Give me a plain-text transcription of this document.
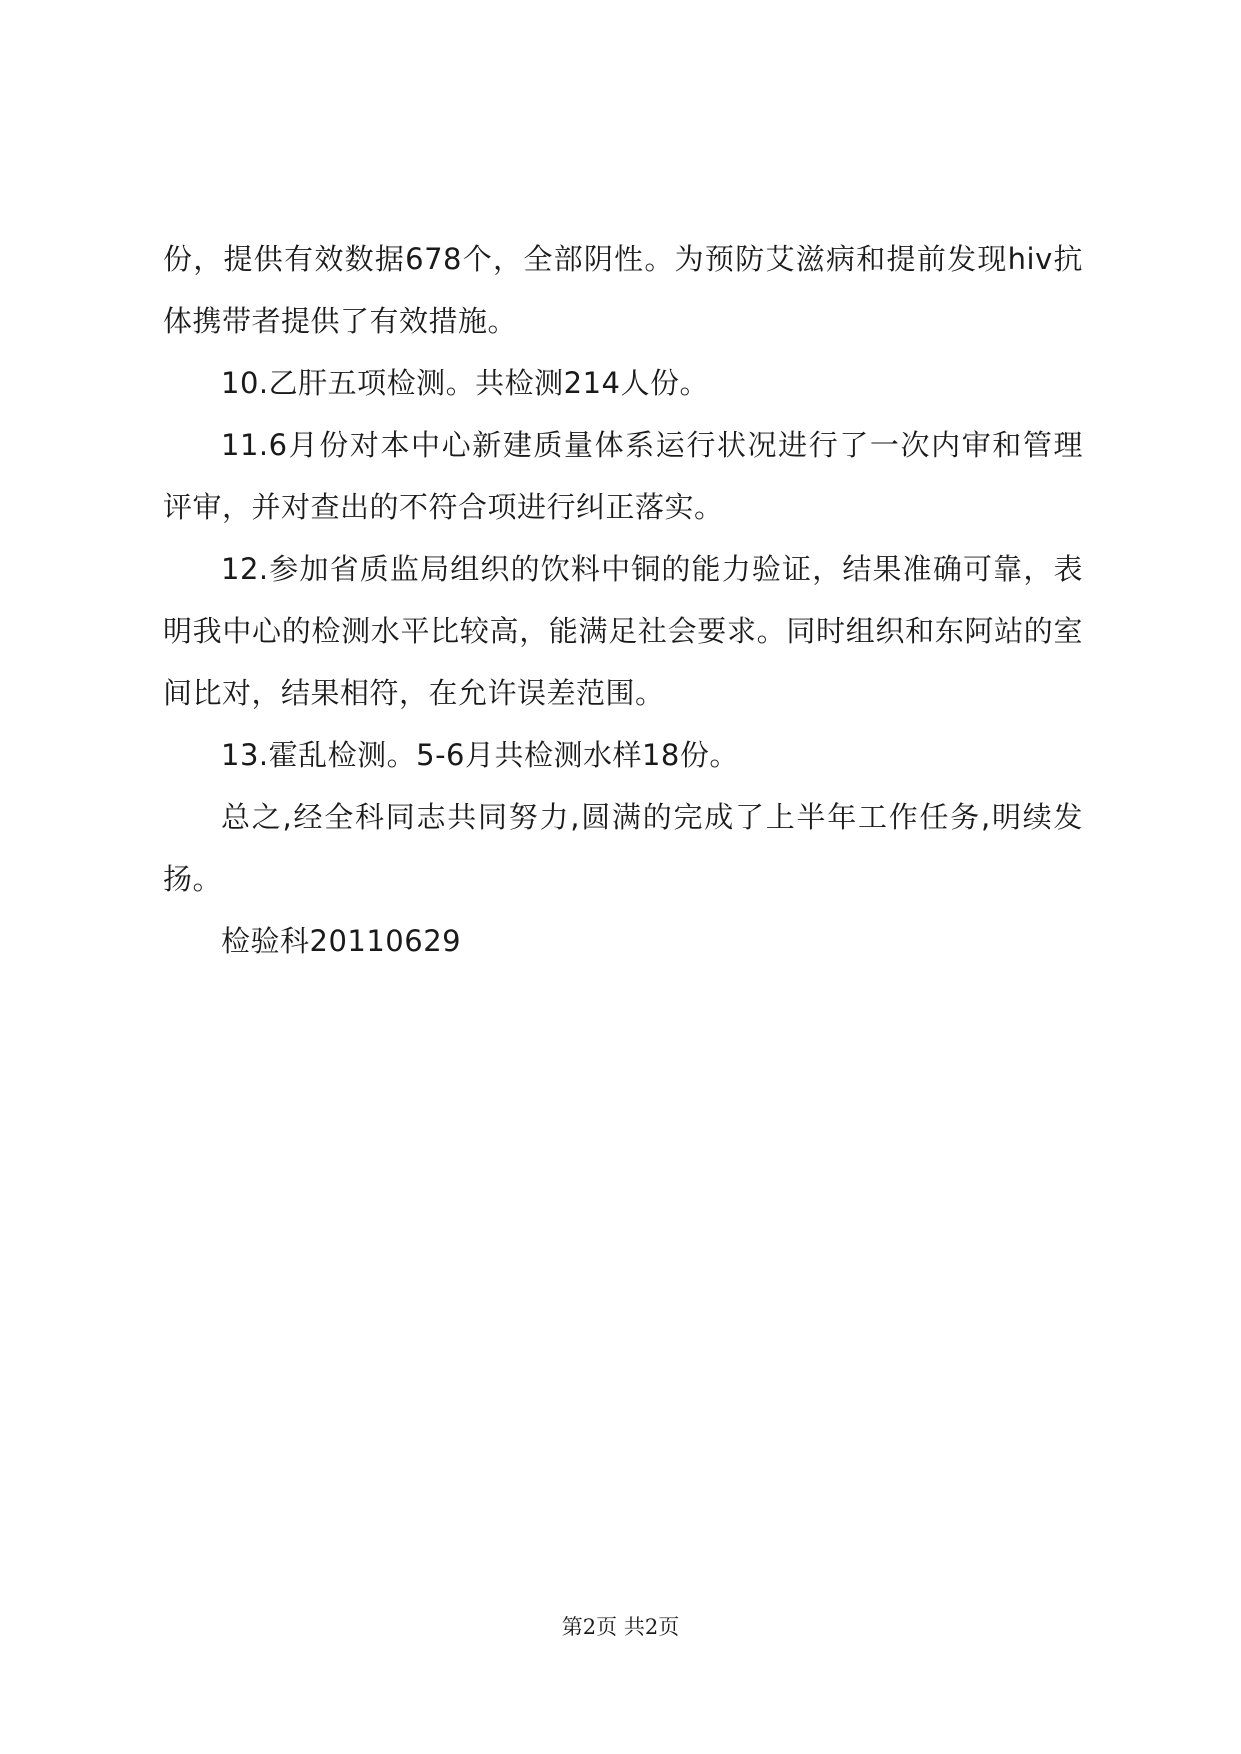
份，提供有效数据678个，全部阴性。为预防艾滋病和提前发现hiv抗体携带者提供了有效措施。

10.乙肝五项检测。共检测214人份。

11.6月份对本中心新建质量体系运行状况进行了一次内审和管理评审，并对查出的不符合项进行纠正落实。

12.参加省质监局组织的饮料中铜的能力验证，结果准确可靠，表明我中心的检测水平比较高，能满足社会要求。同时组织和东阿站的室间比对，结果相符，在允许误差范围。

13.霍乱检测。5-6月共检测水样18份。

总之,经全科同志共同努力,圆满的完成了上半年工作任务,明续发扬。

检验科20110629

第2页 共2页
